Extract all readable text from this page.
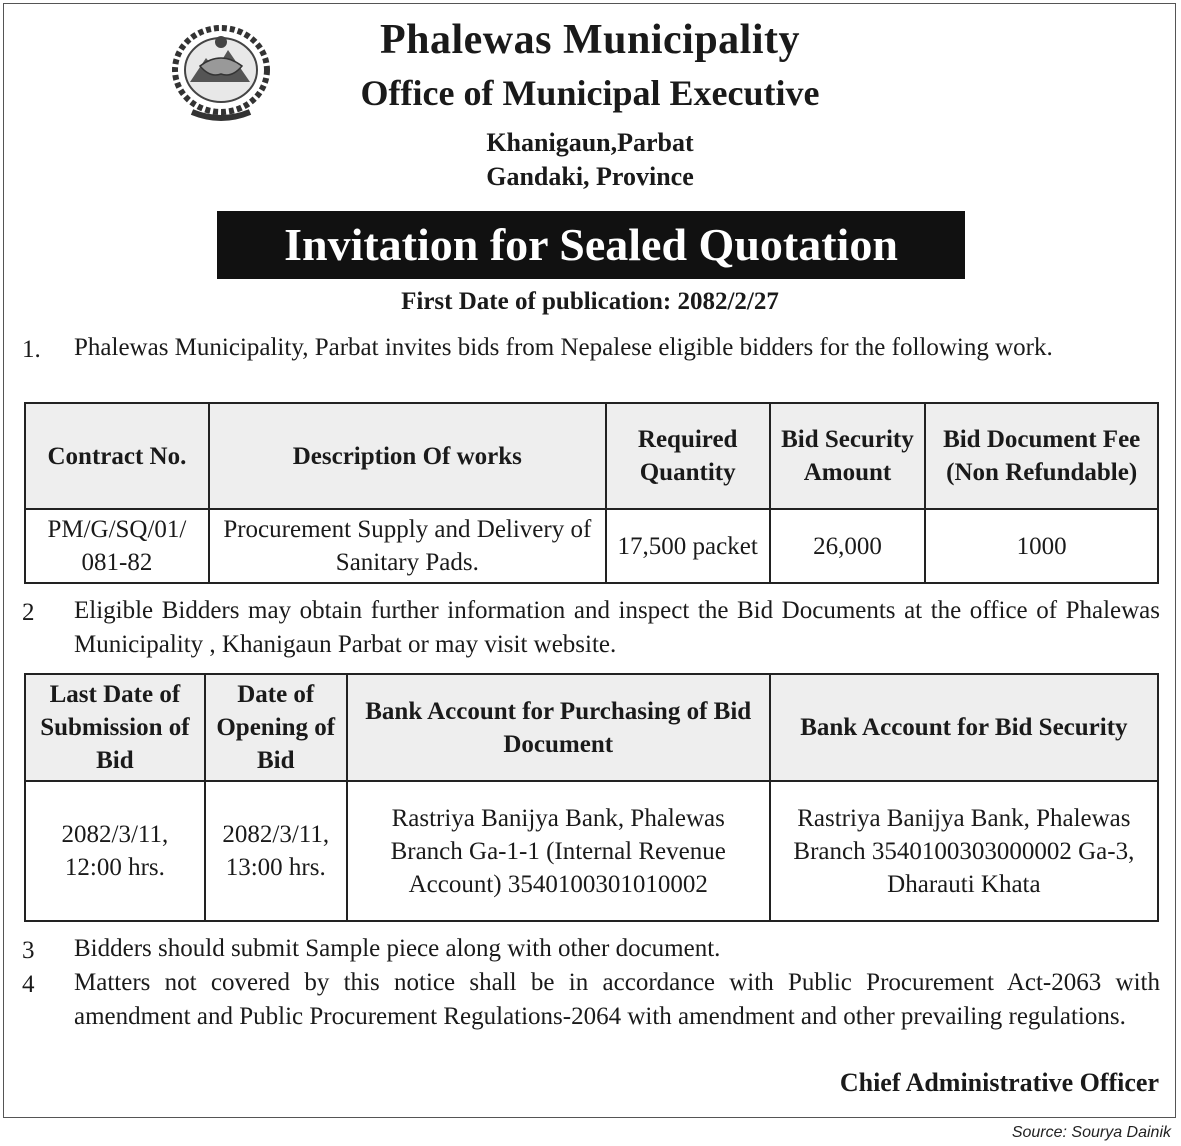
Phalewas Municipality
Office of Municipal Executive
Khanigaun,Parbat
Gandaki, Province
Invitation for Sealed Quotation
First Date of publication: 2082/2/27
1. Phalewas Municipality, Parbat invites bids from Nepalese eligible bidders for the following work.
Contract No.	Description Of works	Required Quantity	Bid Security Amount	Bid Document Fee (Non Refundable)
PM/G/SQ/01/ 081-82	Procurement Supply and Delivery of Sanitary Pads.	17,500 packet	26,000	1000
2 Eligible Bidders may obtain further information and inspect the Bid Documents at the office of Phalewas Municipality , Khanigaun Parbat or may visit website.
Last Date of Submission of Bid	Date of Opening of Bid	Bank Account for Purchasing of Bid Document	Bank Account for Bid Security
2082/3/11, 12:00 hrs.	2082/3/11, 13:00 hrs.	Rastriya Banijya Bank, Phalewas Branch Ga-1-1 (Internal Revenue Account) 3540100301010002	Rastriya Banijya Bank, Phalewas Branch 3540100303000002 Ga-3, Dharauti Khata
3 Bidders should submit Sample piece along with other document.
4 Matters not covered by this notice shall be in accordance with Public Procurement Act-2063 with amendment and Public Procurement Regulations-2064 with amendment and other prevailing regulations.
Chief Administrative Officer
Source: Sourya Dainik
